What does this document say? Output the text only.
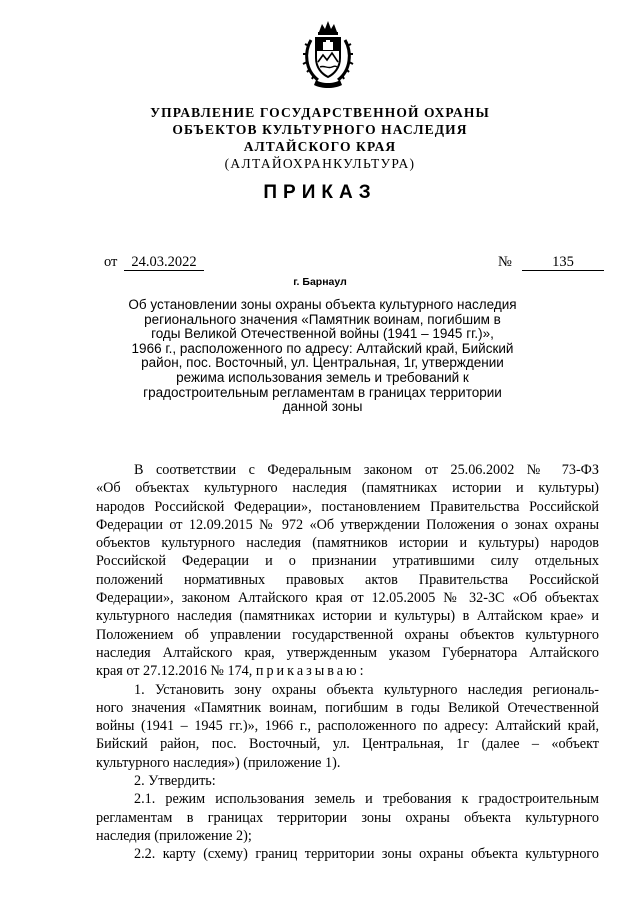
УПРАВЛЕНИЕ ГОСУДАРСТВЕННОЙ ОХРАНЫ
ОБЪЕКТОВ КУЛЬТУРНОГО НАСЛЕДИЯ
АЛТАЙСКОГО КРАЯ
(АЛТАЙОХРАНКУЛЬТУРА)
ПРИКАЗ
от 24.03.2022	№	135
г. Барнаул
Об установлении зоны охраны объекта культурного наследия
регионального значения «Памятник воинам, погибшим в
годы Великой Отечественной войны (1941 – 1945 гг.)»,
1966 г., расположенного по адресу: Алтайский край, Бийский
район, пос. Восточный, ул. Центральная, 1г, утверждении
режима использования земель и требований к
градостроительным регламентам в границах территории
данной зоны
В соответствии с Федеральным законом от 25.06.2002 № 73-ФЗ
«Об объектах культурного наследия (памятниках истории и культуры)
народов Российской Федерации», постановлением Правительства Российской
Федерации от 12.09.2015 № 972 «Об утверждении Положения о зонах охраны
объектов культурного наследия (памятников истории и культуры) народов
Российской Федерации и о признании утратившими силу отдельных
положений нормативных правовых актов Правительства Российской
Федерации», законом Алтайского края от 12.05.2005 № 32-ЗС «Об объектах
культурного наследия (памятниках истории и культуры) в Алтайском крае» и
Положением об управлении государственной охраны объектов культурного
наследия Алтайского края, утвержденным указом Губернатора Алтайского
края от 27.12.2016 № 174, приказываю:
1. Установить зону охраны объекта культурного наследия региональ-
ного значения «Памятник воинам, погибшим в годы Великой Отечественной
войны (1941 – 1945 гг.)», 1966 г., расположенного по адресу: Алтайский край,
Бийский район, пос. Восточный, ул. Центральная, 1г (далее – «объект
культурного наследия») (приложение 1).
2. Утвердить:
2.1. режим использования земель и требования к градостроительным
регламентам в границах территории зоны охраны объекта культурного
наследия (приложение 2);
2.2. карту (схему) границ территории зоны охраны объекта культурного
